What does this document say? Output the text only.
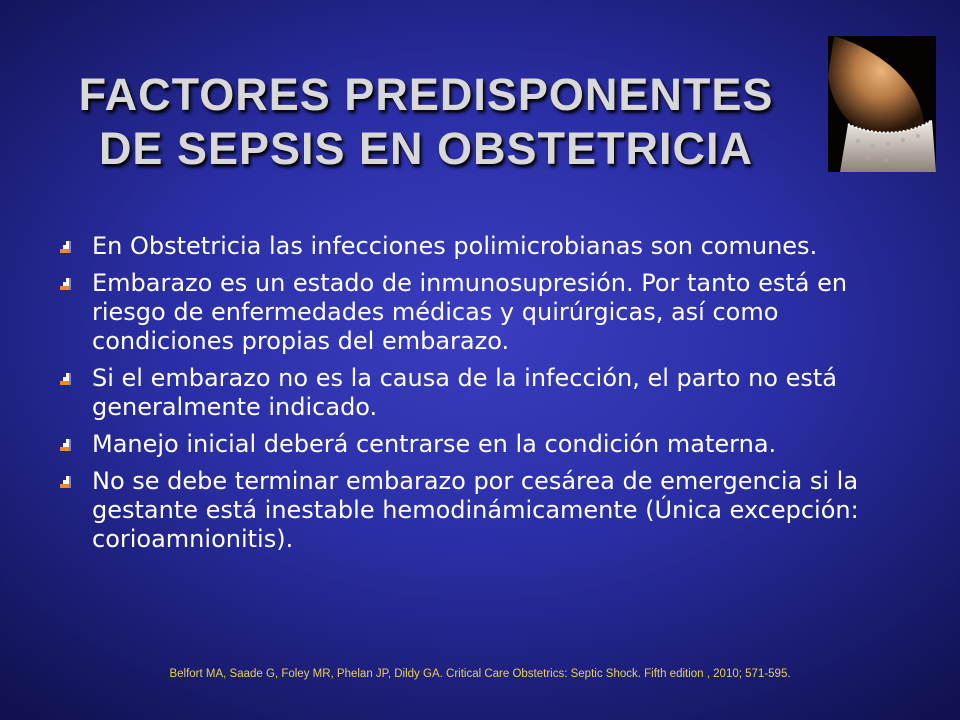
FACTORES PREDISPONENTES
DE SEPSIS EN OBSTETRICIA
En Obstetricia las infecciones polimicrobianas son comunes.
Embarazo es un estado de inmunosupresión. Por tanto está en riesgo de enfermedades médicas y quirúrgicas, así como condiciones propias del embarazo.
Si el embarazo no es la causa de la infección, el parto no está generalmente indicado.
Manejo inicial deberá centrarse en la condición materna.
No se debe terminar embarazo por cesárea de emergencia si la gestante está inestable hemodinámicamente (Única excepción: corioamnionitis).

Belfort MA, Saade G, Foley MR, Phelan JP, Dildy GA. Critical Care Obstetrics: Septic Shock. Fifth edition , 2010; 571-595.
